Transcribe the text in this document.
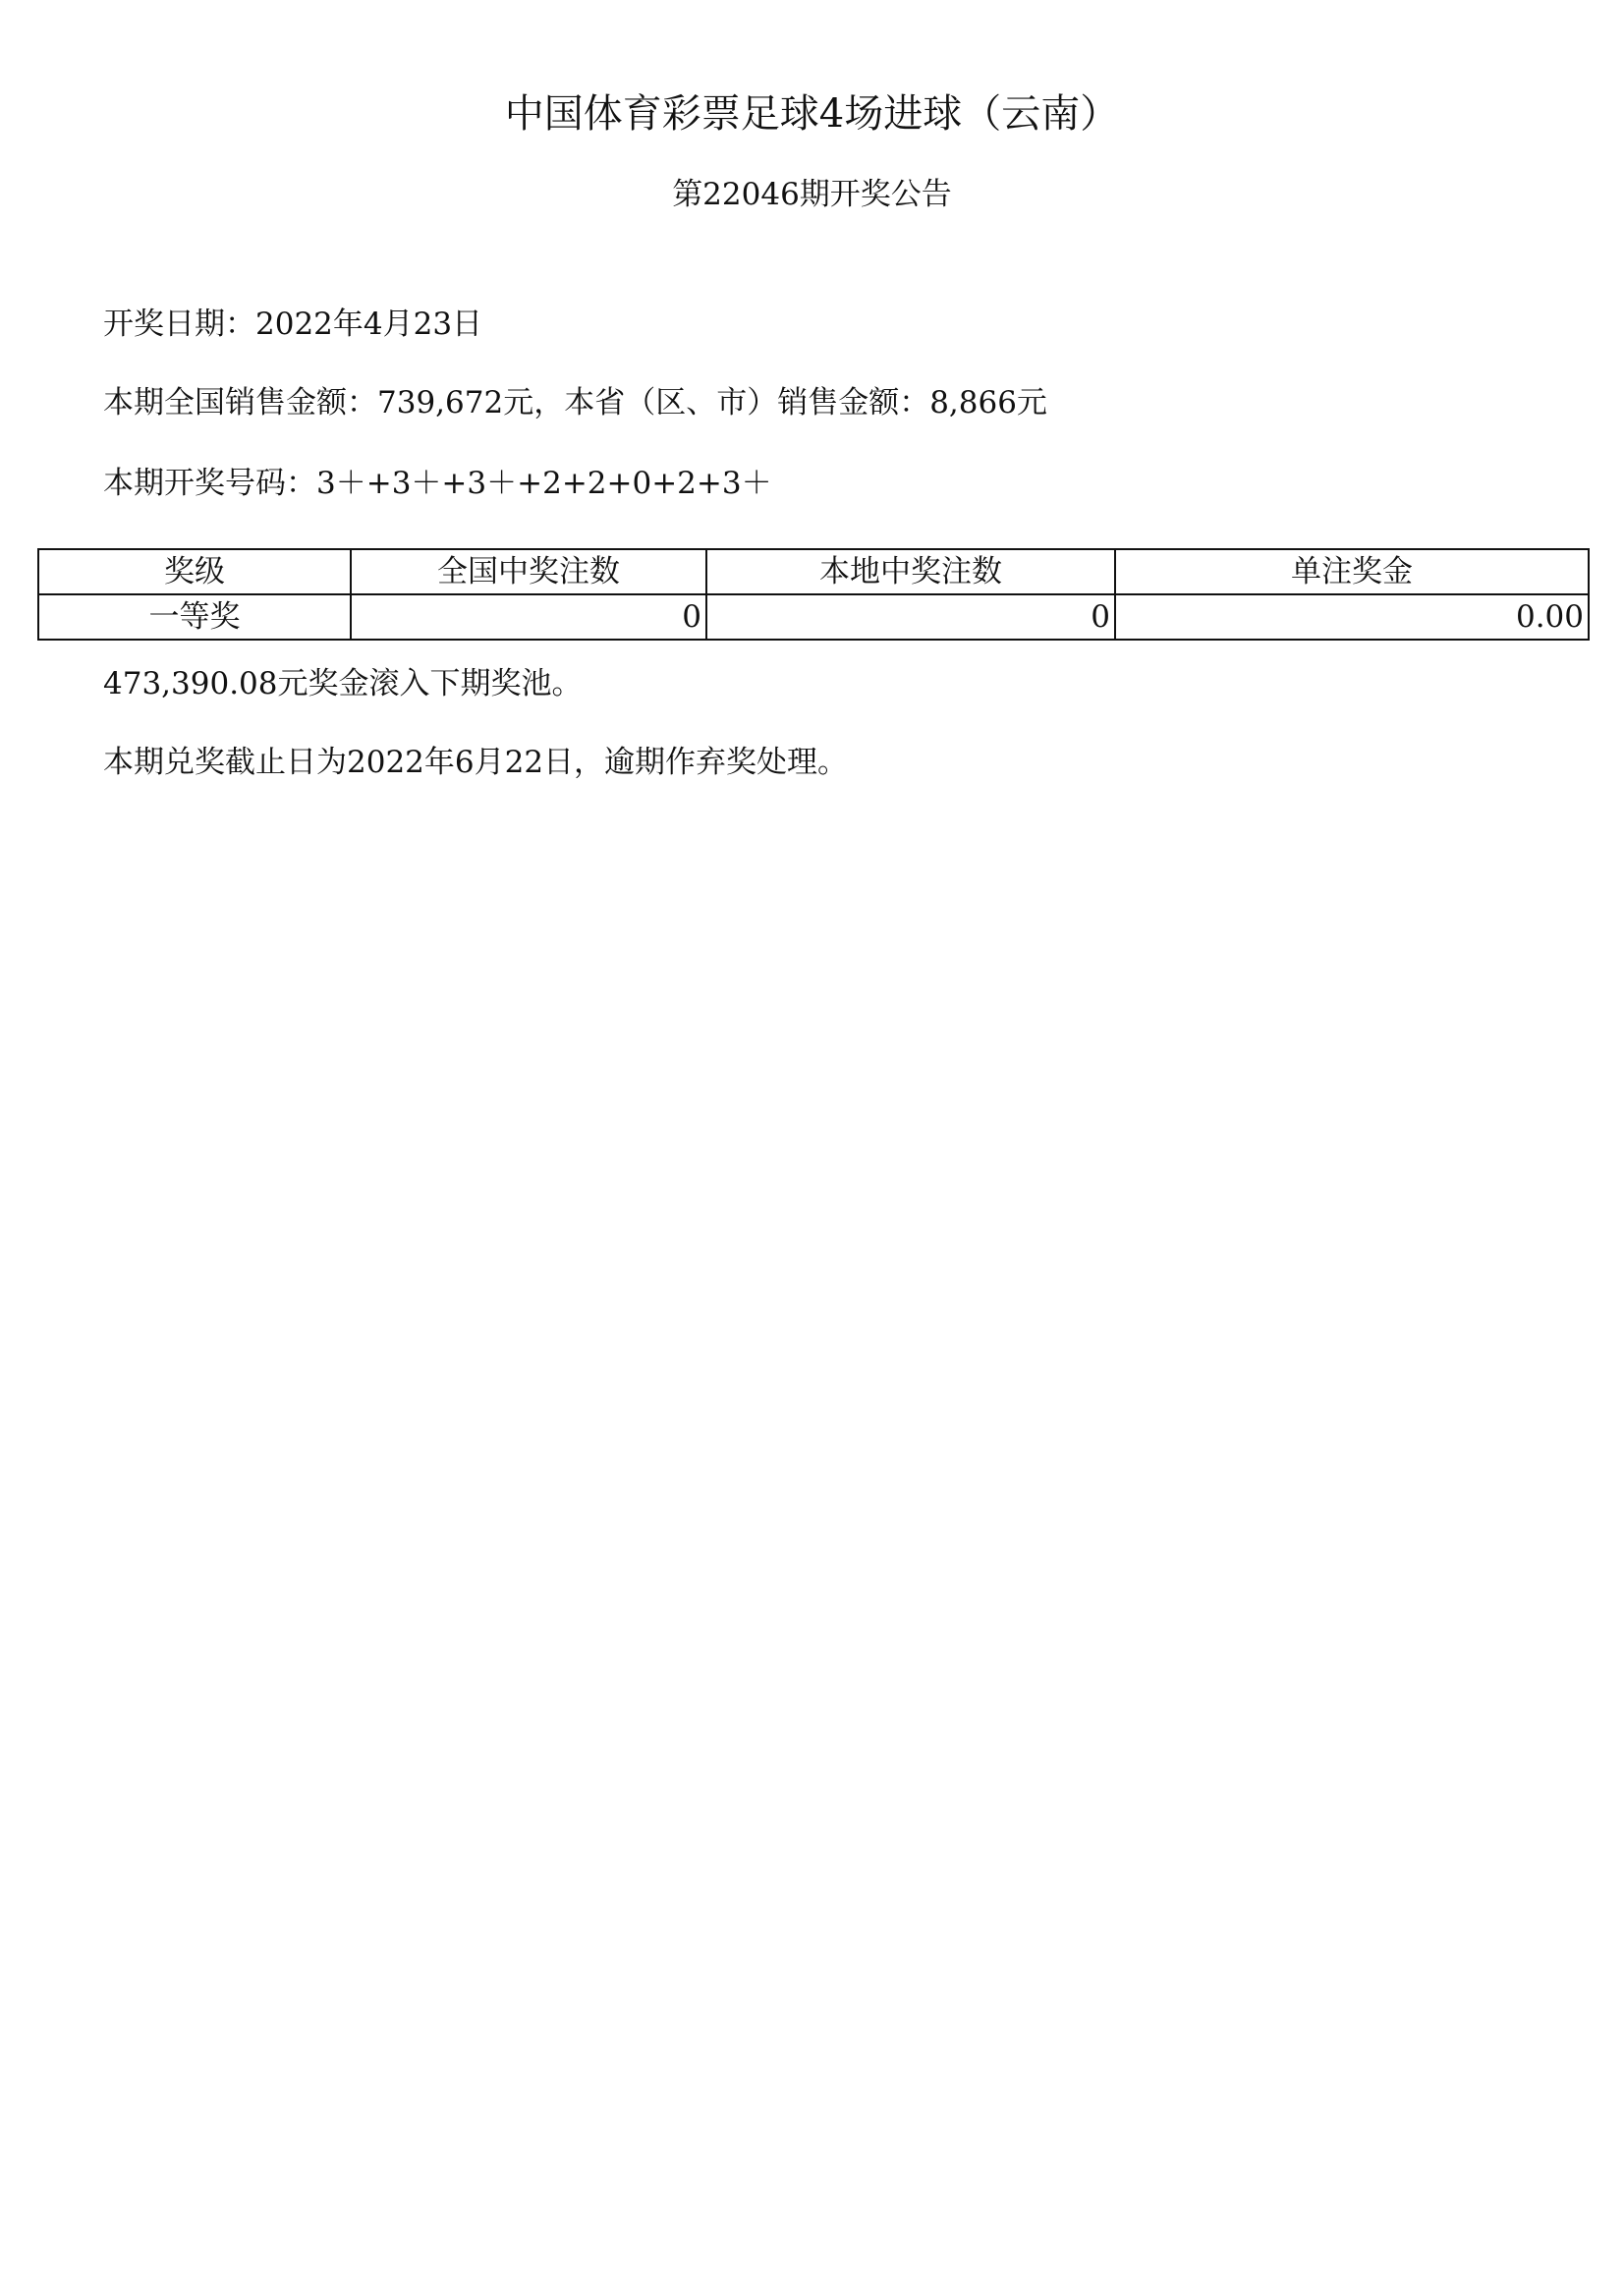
中国体育彩票足球4场进球（云南）
第22046期开奖公告

开奖日期：2022年4月23日

本期全国销售金额：739,672元，本省（区、市）销售金额：8,866元

本期开奖号码：3＋+3＋+3＋+2+2+0+2+3＋

奖级	全国中奖注数	本地中奖注数	单注奖金
一等奖	0	0	0.00

473,390.08元奖金滚入下期奖池。

本期兑奖截止日为2022年6月22日，逾期作弃奖处理。
